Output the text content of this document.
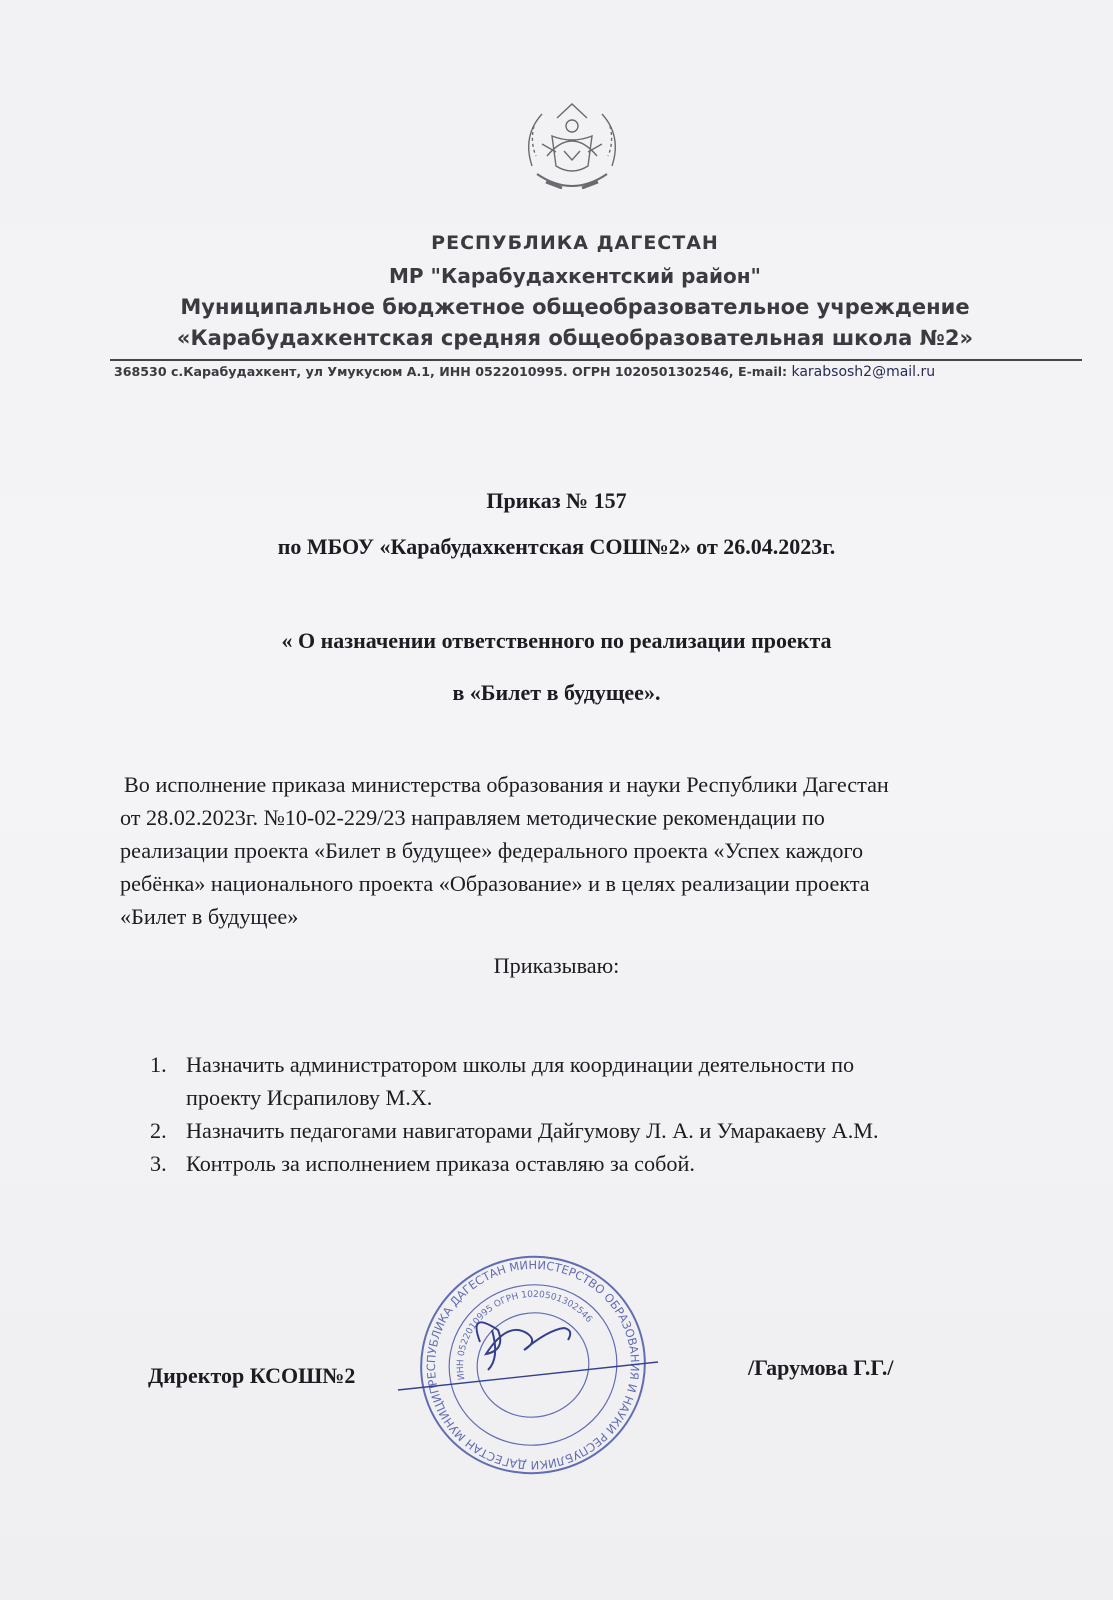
РЕСПУБЛИКА ДАГЕСТАН
МР "Карабудахкентский район"
Муниципальное бюджетное общеобразовательное учреждение
«Карабудахкентская средняя общеобразовательная школа №2»
368530 с.Карабудахкент, ул Умукусюм А.1, ИНН 0522010995. ОГРН 1020501302546, E-mail: karabsosh2@mail.ru
Приказ № 157
по МБОУ «Карабудахкентская СОШ№2» от 26.04.2023г.
« О назначении ответственного по реализации проекта
в «Билет в будущее».

Во исполнение приказа министерства образования и науки Республики Дагестан

от 28.02.2023г. №10-02-229/23 направляем методические рекомендации по

реализации проекта «Билет в будущее» федерального проекта «Успех каждого

ребёнка» национального проекта «Образование» и в целях реализации проекта

«Билет в будущее»

Приказываю:
1. Назначить администратором школы для координации деятельности по
проекту Исрапилову М.Х.
2. Назначить педагогами навигаторами Дайгумову Л. А. и Умаракаеву А.М.
3. Контроль за исполнением приказа оставляю за собой.
Директор КСОШ№2	/Гарумова Г.Г./
РЕСПУБЛИКА ДАГЕСТАН МИНИСТЕРСТВО ОБРАЗОВАНИЯ И НАУКИ РЕСПУБЛИКИ ДАГЕСТАН МУНИЦИПАЛЬНОЕ
ИНН 0522010995 ОГРН 1020501302546
